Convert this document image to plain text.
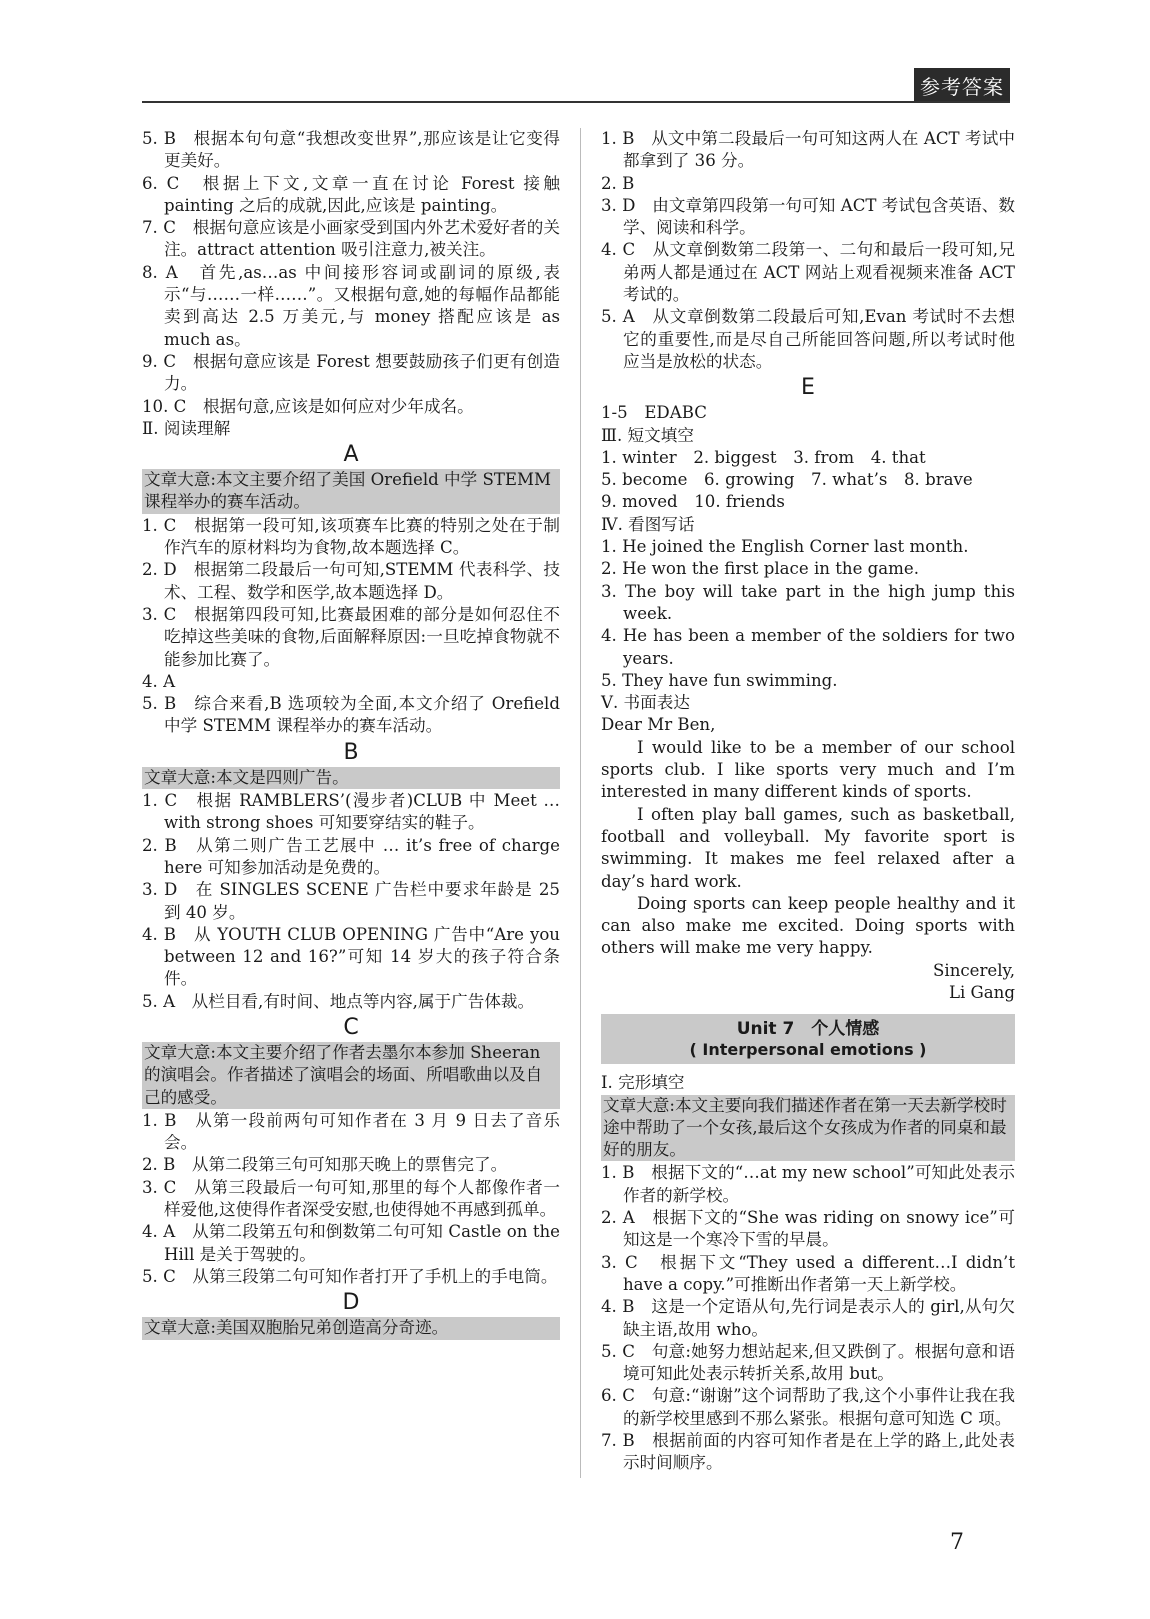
参考答案

5. B　根据本句句意“我想改变世界”,那应该是让它变得更美好。

6. C　根据上下文,文章一直在讨论 Forest 接触 painting 之后的成就,因此,应该是 painting。

7. C　根据句意应该是小画家受到国内外艺术爱好者的关注。attract attention 吸引注意力,被关注。

8. A　首先,as…as 中间接形容词或副词的原级,表示“与……一样……”。又根据句意,她的每幅作品都能卖到高达 2.5 万美元,与 money 搭配应该是 as much as。

9. C　根据句意应该是 Forest 想要鼓励孩子们更有创造力。

10. C　根据句意,应该是如何应对少年成名。

Ⅱ. 阅读理解

A

文章大意:本文主要介绍了美国 Orefield 中学 STEMM 课程举办的赛车活动。

1. C　根据第一段可知,该项赛车比赛的特别之处在于制作汽车的原材料均为食物,故本题选择 C。

2. D　根据第二段最后一句可知,STEMM 代表科学、技术、工程、数学和医学,故本题选择 D。

3. C　根据第四段可知,比赛最困难的部分是如何忍住不吃掉这些美味的食物,后面解释原因:一旦吃掉食物就不能参加比赛了。

4. A

5. B　综合来看,B 选项较为全面,本文介绍了 Orefield 中学 STEMM 课程举办的赛车活动。

B

文章大意:本文是四则广告。

1. C　根据 RAMBLERS’(漫步者)CLUB 中 Meet … with strong shoes 可知要穿结实的鞋子。

2. B　从第二则广告工艺展中 … it’s free of charge here 可知参加活动是免费的。

3. D　在 SINGLES SCENE 广告栏中要求年龄是 25 到 40 岁。

4. B　从 YOUTH CLUB OPENING 广告中“Are you between 12 and 16?”可知 14 岁大的孩子符合条件。

5. A　从栏目看,有时间、地点等内容,属于广告体裁。

C

文章大意:本文主要介绍了作者去墨尔本参加 Sheeran 的演唱会。作者描述了演唱会的场面、所唱歌曲以及自己的感受。

1. B　从第一段前两句可知作者在 3 月 9 日去了音乐会。

2. B　从第二段第三句可知那天晚上的票售完了。

3. C　从第三段最后一句可知,那里的每个人都像作者一样爱他,这使得作者深受安慰,也使得她不再感到孤单。

4. A　从第二段第五句和倒数第二句可知 Castle on the Hill 是关于驾驶的。

5. C　从第三段第二句可知作者打开了手机上的手电筒。

D

文章大意:美国双胞胎兄弟创造高分奇迹。

1. B　从文中第二段最后一句可知这两人在 ACT 考试中都拿到了 36 分。

2. B

3. D　由文章第四段第一句可知 ACT 考试包含英语、数学、阅读和科学。

4. C　从文章倒数第二段第一、二句和最后一段可知,兄弟两人都是通过在 ACT 网站上观看视频来准备 ACT 考试的。

5. A　从文章倒数第二段最后可知,Evan 考试时不去想它的重要性,而是尽自己所能回答问题,所以考试时他应当是放松的状态。

E

1-5　EDABC

Ⅲ. 短文填空

1. winter　2. biggest　3. from　4. that

5. become　6. growing　7. what’s　8. brave

9. moved　10. friends

Ⅳ. 看图写话

1. He joined the English Corner last month.

2. He won the first place in the game.

3. The boy will take part in the high jump this week.

4. He has been a member of the soldiers for two years.

5. They have fun swimming.

Ⅴ. 书面表达

Dear Mr Ben,

I would like to be a member of our school sports club. I like sports very much and I’m interested in many different kinds of sports.

I often play ball games, such as basketball, football and volleyball. My favorite sport is swimming. It makes me feel relaxed after a day’s hard work.

Doing sports can keep people healthy and it can also make me excited. Doing sports with others will make me very happy.

Sincerely,

Li Gang

Unit 7　个人情感
( Interpersonal emotions )

Ⅰ. 完形填空

文章大意:本文主要向我们描述作者在第一天去新学校时途中帮助了一个女孩,最后这个女孩成为作者的同桌和最好的朋友。

1. B　根据下文的“…at my new school”可知此处表示作者的新学校。

2. A　根据下文的“She was riding on snowy ice”可知这是一个寒冷下雪的早晨。

3. C　根据下文“They used a different…I didn’t have a copy.”可推断出作者第一天上新学校。

4. B　这是一个定语从句,先行词是表示人的 girl,从句欠缺主语,故用 who。

5. C　句意:她努力想站起来,但又跌倒了。根据句意和语境可知此处表示转折关系,故用 but。

6. C　句意:“谢谢”这个词帮助了我,这个小事件让我在我的新学校里感到不那么紧张。根据句意可知选 C 项。

7. B　根据前面的内容可知作者是在上学的路上,此处表示时间顺序。

7
